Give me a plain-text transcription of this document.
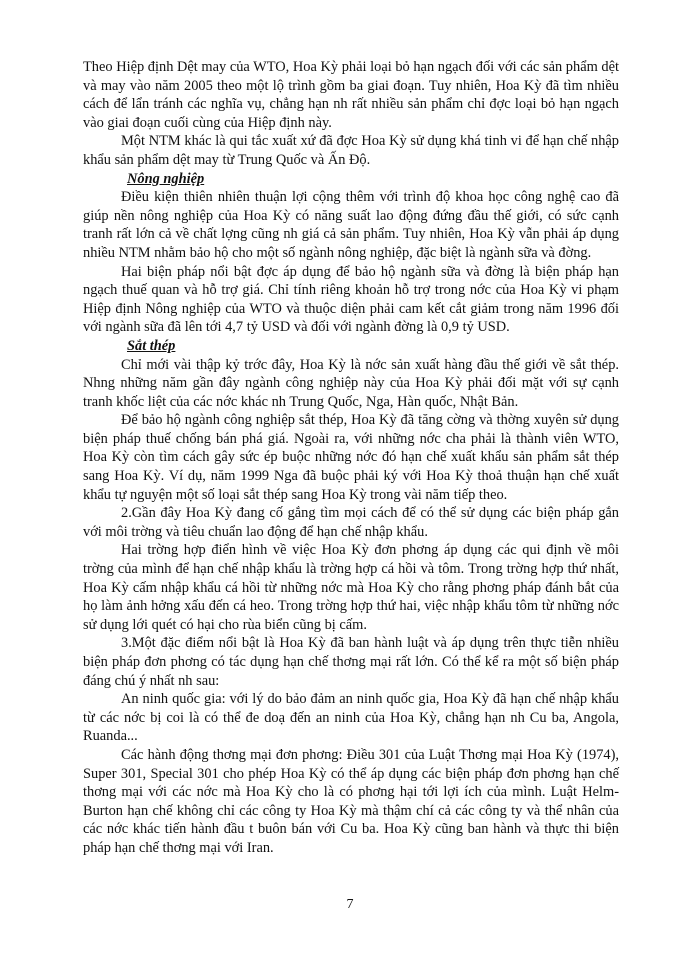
Theo Hiệp định Dệt may của WTO, Hoa Kỳ phải loại bỏ hạn ngạch đối với các sản phẩm dệt và may vào năm 2005 theo một lộ trình gồm ba giai đoạn. Tuy nhiên, Hoa Kỳ đã tìm nhiều cách để lẩn tránh các nghĩa vụ, chẳng hạn nh rất nhiều sản phẩm chỉ đợc loại bỏ hạn ngạch vào giai đoạn cuối cùng của Hiệp định này.

Một NTM khác là qui tắc xuất xứ đã đợc Hoa Kỳ sử dụng khá tinh vi để hạn chế nhập khẩu sản phẩm dệt may từ Trung Quốc và Ấn Độ.

Nông nghiệp

Điều kiện thiên nhiên thuận lợi cộng thêm với trình độ khoa học công nghệ cao đã giúp nền nông nghiệp của Hoa Kỳ có năng suất lao động đứng đầu thế giới, có sức cạnh tranh rất lớn cả về chất lợng cũng nh giá cả sản phẩm. Tuy nhiên, Hoa Kỳ vẫn phải áp dụng nhiều NTM nhằm bảo hộ cho một số ngành nông nghiệp, đặc biệt là ngành sữa và đờng.

Hai biện pháp nổi bật đợc áp dụng để bảo hộ ngành sữa và đờng là biện pháp hạn ngạch thuế quan và hỗ trợ giá. Chỉ tính riêng khoản hỗ trợ trong nớc của Hoa Kỳ vi phạm Hiệp định Nông nghiệp của WTO và thuộc diện phải cam kết cắt giảm trong năm 1996 đối với ngành sữa đã lên tới 4,7 tỷ USD và đối với ngành đờng là 0,9 tỷ USD.

Sắt thép

Chỉ mới vài thập kỷ trớc đây, Hoa Kỳ là nớc sản xuất hàng đầu thế giới về sắt thép. Nhng những năm gần đây ngành công nghiệp này của Hoa Kỳ phải đối mặt với sự cạnh tranh khốc liệt của các nớc khác nh Trung Quốc, Nga, Hàn quốc, Nhật Bản.

Để bảo hộ ngành công nghiệp sắt thép, Hoa Kỳ đã tăng cờng và thờng xuyên sử dụng biện pháp thuế chống bán phá giá. Ngoài ra, với những nớc cha phải là thành viên WTO, Hoa Kỳ còn tìm cách gây sức ép buộc những nớc đó hạn chế xuất khẩu sản phẩm sắt thép sang Hoa Kỳ. Ví dụ, năm 1999 Nga đã buộc phải ký với Hoa Kỳ thoả thuận hạn chế xuất khẩu tự nguyện một số loại sắt thép sang Hoa Kỳ trong vài năm tiếp theo.

2.Gần đây Hoa Kỳ đang cố gắng tìm mọi cách để có thể sử dụng các biện pháp gắn với môi trờng và tiêu chuẩn lao động để hạn chế nhập khẩu.

Hai trờng hợp điển hình về việc Hoa Kỳ đơn phơng áp dụng các qui định về môi trờng của mình để hạn chế nhập khẩu là trờng hợp cá hồi và tôm. Trong trờng hợp thứ nhất, Hoa Kỳ cấm nhập khẩu cá hồi từ những nớc mà Hoa Kỳ cho rằng phơng pháp đánh bắt của họ làm ảnh hởng xấu đến cá heo. Trong trờng hợp thứ hai, việc nhập khẩu tôm từ những nớc sử dụng lới quét có hại cho rùa biển cũng bị cấm.

3.Một đặc điểm nổi bật là Hoa Kỳ đã ban hành luật và áp dụng trên thực tiễn nhiều biện pháp đơn phơng có tác dụng hạn chế thơng mại rất lớn. Có thể kể ra một số biện pháp đáng chú ý nhất nh sau:

An ninh quốc gia: với lý do bảo đảm an ninh quốc gia, Hoa Kỳ đã hạn chế nhập khẩu từ các nớc bị coi là có thể đe doạ đến an ninh của Hoa Kỳ, chẳng hạn nh Cu ba, Angola, Ruanda...

Các hành động thơng mại đơn phơng: Điều 301 của Luật Thơng mại Hoa Kỳ (1974), Super 301, Special 301 cho phép Hoa Kỳ có thể áp dụng các biện pháp đơn phơng hạn chế thơng mại với các nớc mà Hoa Kỳ cho là có phơng hại tới lợi ích của mình. Luật Helm-Burton hạn chế không chỉ các công ty Hoa Kỳ mà thậm chí cả các công ty và thể nhân của các nớc khác tiến hành đầu t buôn bán với Cu ba. Hoa Kỳ cũng ban hành và thực thi biện pháp hạn chế thơng mại với Iran.

7
